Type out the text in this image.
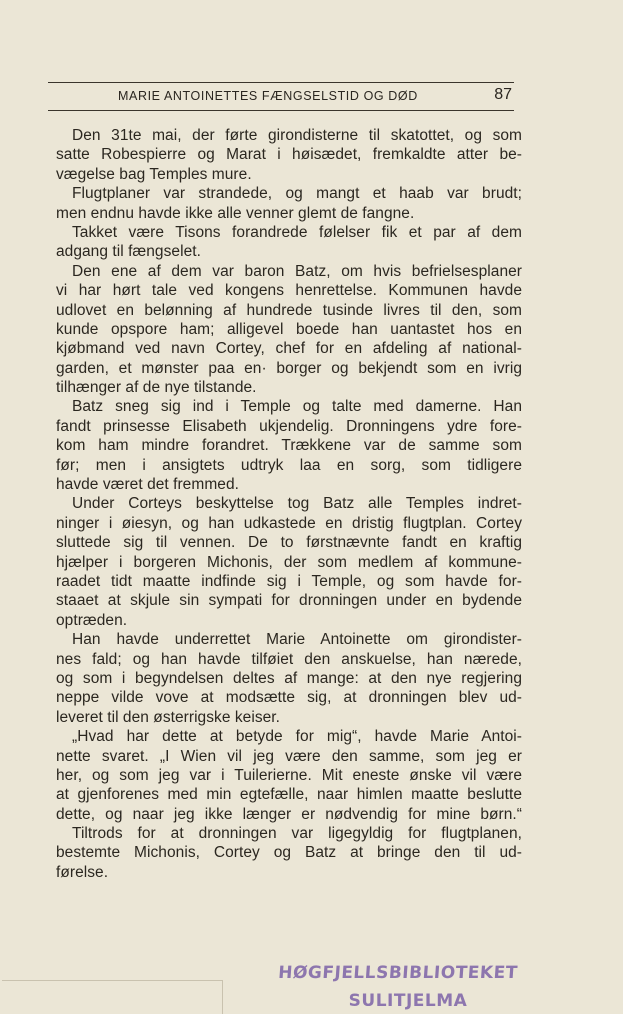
MARIE ANTOINETTES FÆNGSELSTID OG DØD	87
Den 31te mai, der førte girondisterne til skatottet, og som
satte Robespierre og Marat i høisædet, fremkaldte atter be-
vægelse bag Temples mure.
Flugtplaner var strandede, og mangt et haab var brudt;
men endnu havde ikke alle venner glemt de fangne.
Takket være Tisons forandrede følelser fik et par af dem
adgang til fængselet.
Den ene af dem var baron Batz, om hvis befrielsesplaner
vi har hørt tale ved kongens henrettelse. Kommunen havde
udlovet en belønning af hundrede tusinde livres til den, som
kunde opspore ham; alligevel boede han uantastet hos en
kjøbmand ved navn Cortey, chef for en afdeling af national-
garden, et mønster paa en· borger og bekjendt som en ivrig
tilhænger af de nye tilstande.
Batz sneg sig ind i Temple og talte med damerne. Han
fandt prinsesse Elisabeth ukjendelig. Dronningens ydre fore-
kom ham mindre forandret. Trækkene var de samme som
før; men i ansigtets udtryk laa en sorg, som tidligere
havde været det fremmed.
Under Corteys beskyttelse tog Batz alle Temples indret-
ninger i øiesyn, og han udkastede en dristig flugtplan. Cortey
sluttede sig til vennen. De to førstnævnte fandt en kraftig
hjælper i borgeren Michonis, der som medlem af kommune-
raadet tidt maatte indfinde sig i Temple, og som havde for-
staaet at skjule sin sympati for dronningen under en bydende
optræden.
Han havde underrettet Marie Antoinette om girondister-
nes fald; og han havde tilføiet den anskuelse, han nærede,
og som i begyndelsen deltes af mange: at den nye regjering
neppe vilde vove at modsætte sig, at dronningen blev ud-
leveret til den østerrigske keiser.
„Hvad har dette at betyde for mig“, havde Marie Antoi-
nette svaret. „I Wien vil jeg være den samme, som jeg er
her, og som jeg var i Tuilerierne. Mit eneste ønske vil være
at gjenforenes med min egtefælle, naar himlen maatte beslutte
dette, og naar jeg ikke længer er nødvendig for mine børn.“
Tiltrods for at dronningen var ligegyldig for flugtplanen,
bestemte Michonis, Cortey og Batz at bringe den til ud-
førelse.
HØGFJELLSBIBLIOTEKET
SULITJELMA
